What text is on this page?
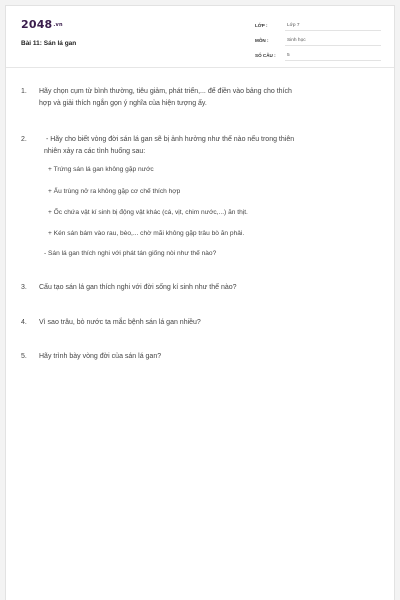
2048.vn
Bài 11: Sán lá gan
LỚP :	Lớp 7
MÔN :	Sinh học
SỐ CÂU :	5
1. Hãy chọn cụm từ bình thường, tiêu giảm, phát triển,... để điền vào bảng cho thích
hợp và giải thích ngắn gọn ý nghĩa của hiện tượng ấy.
2. - Hãy cho biết vòng đời sán lá gan sẽ bị ảnh hưởng như thế nào nếu trong thiên
nhiên xảy ra các tình huống sau:
+ Trứng sán lá gan không gặp nước
+ Ấu trùng nở ra không gặp cơ chế thích hợp
+ Ốc chứa vật kí sinh bị động vật khác (cá, vịt, chim nước,...) ăn thịt.
+ Kén sán bám vào rau, bèo,... chờ mãi không gặp trâu bò ăn phải.
- Sán lá gan thích nghi với phát tán giống nòi như thế nào?
3. Cấu tạo sán lá gan thích nghi với đời sống kí sinh như thế nào?
4. Vì sao trâu, bò nước ta mắc bệnh sán lá gan nhiều?
5. Hãy trình bày vòng đời của sán lá gan?
